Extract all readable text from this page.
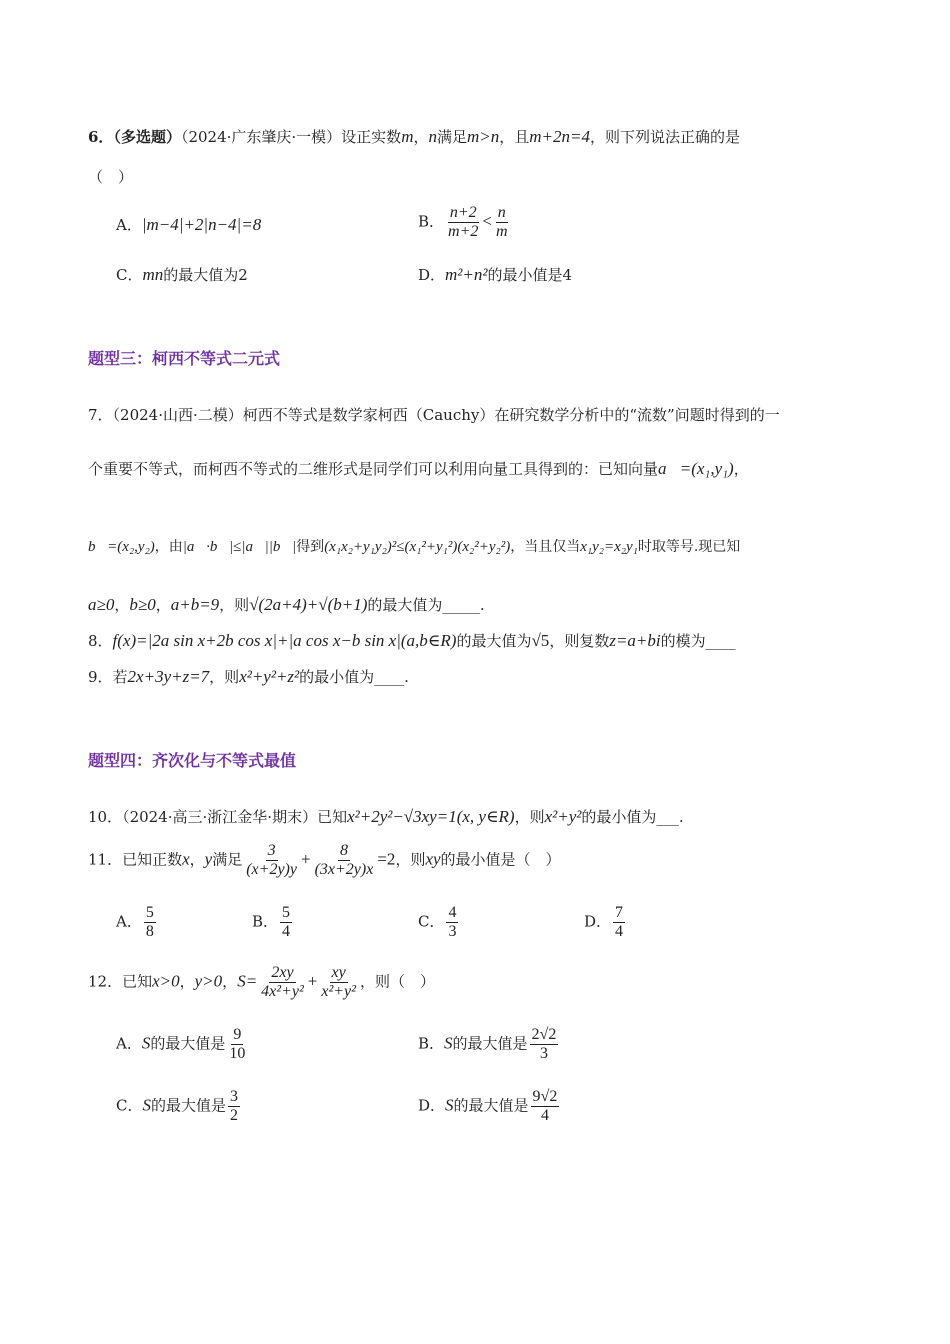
6．（多选题）（2024·广东肇庆·一模）设正实数m，n满足m>n，且m+2n=4，则下列说法正确的是
（　）
A．|m−4|+2|n−4|=8	B． $\frac{n+2}{m+2} < \frac{n}{m}$
C．mn的最大值为2	D．m²+n²的最小值是4
题型三：柯西不等式二元式
7．（2024·山西·二模）柯西不等式是数学家柯西（Cauchy）在研究数学分析中的“流数”问题时得到的一
个重要不等式，而柯西不等式的二维形式是同学们可以利用向量工具得到的：已知向量a⃗=(x₁,y₁)，
b⃗=(x₂,y₂)，由|a⃗·b⃗|≤|a⃗||b⃗|得到(x₁x₂+y₁y₂)²≤(x₁²+y₁²)(x₂²+y₂²)，当且仅当x₁y₂=x₂y₁时取等号.现已知
a≥0，b≥0，a+b=9，则√(2a+4)+√(b+1)的最大值为_____.
8．f(x)=|2a sin x+2b cos x|+|a cos x−b sin x|(a,b∈R)的最大值为√5，则复数z=a+bi的模为____
9．若2x+3y+z=7，则x²+y²+z²的最小值为____.
题型四：齐次化与不等式最值
10．（2024·高三·浙江金华·期末）已知x²+2y²−√3xy=1(x, y∈R)，则x²+y²的最小值为___.
11．已知正数x，y满足 $\frac{3}{(x+2y)y} + \frac{8}{(3x+2y)x} =2$，则xy的最小值是（　）
A． $\frac{5}{8}$	B． $\frac{5}{4}$	C． $\frac{4}{3}$	D． $\frac{7}{4}$
12．已知x>0，y>0，$S= \frac{2xy}{\text{4x²+y²}} + \frac{xy}{\text{x²+y²}}$ ，则（　）
A．S的最大值是 $\frac{9}{10}$	B．S的最大值是 $\frac{2√2}{3}$
C．S的最大值是 $\frac{3}{2}$	D．S的最大值是 $\frac{9√2}{4}$
